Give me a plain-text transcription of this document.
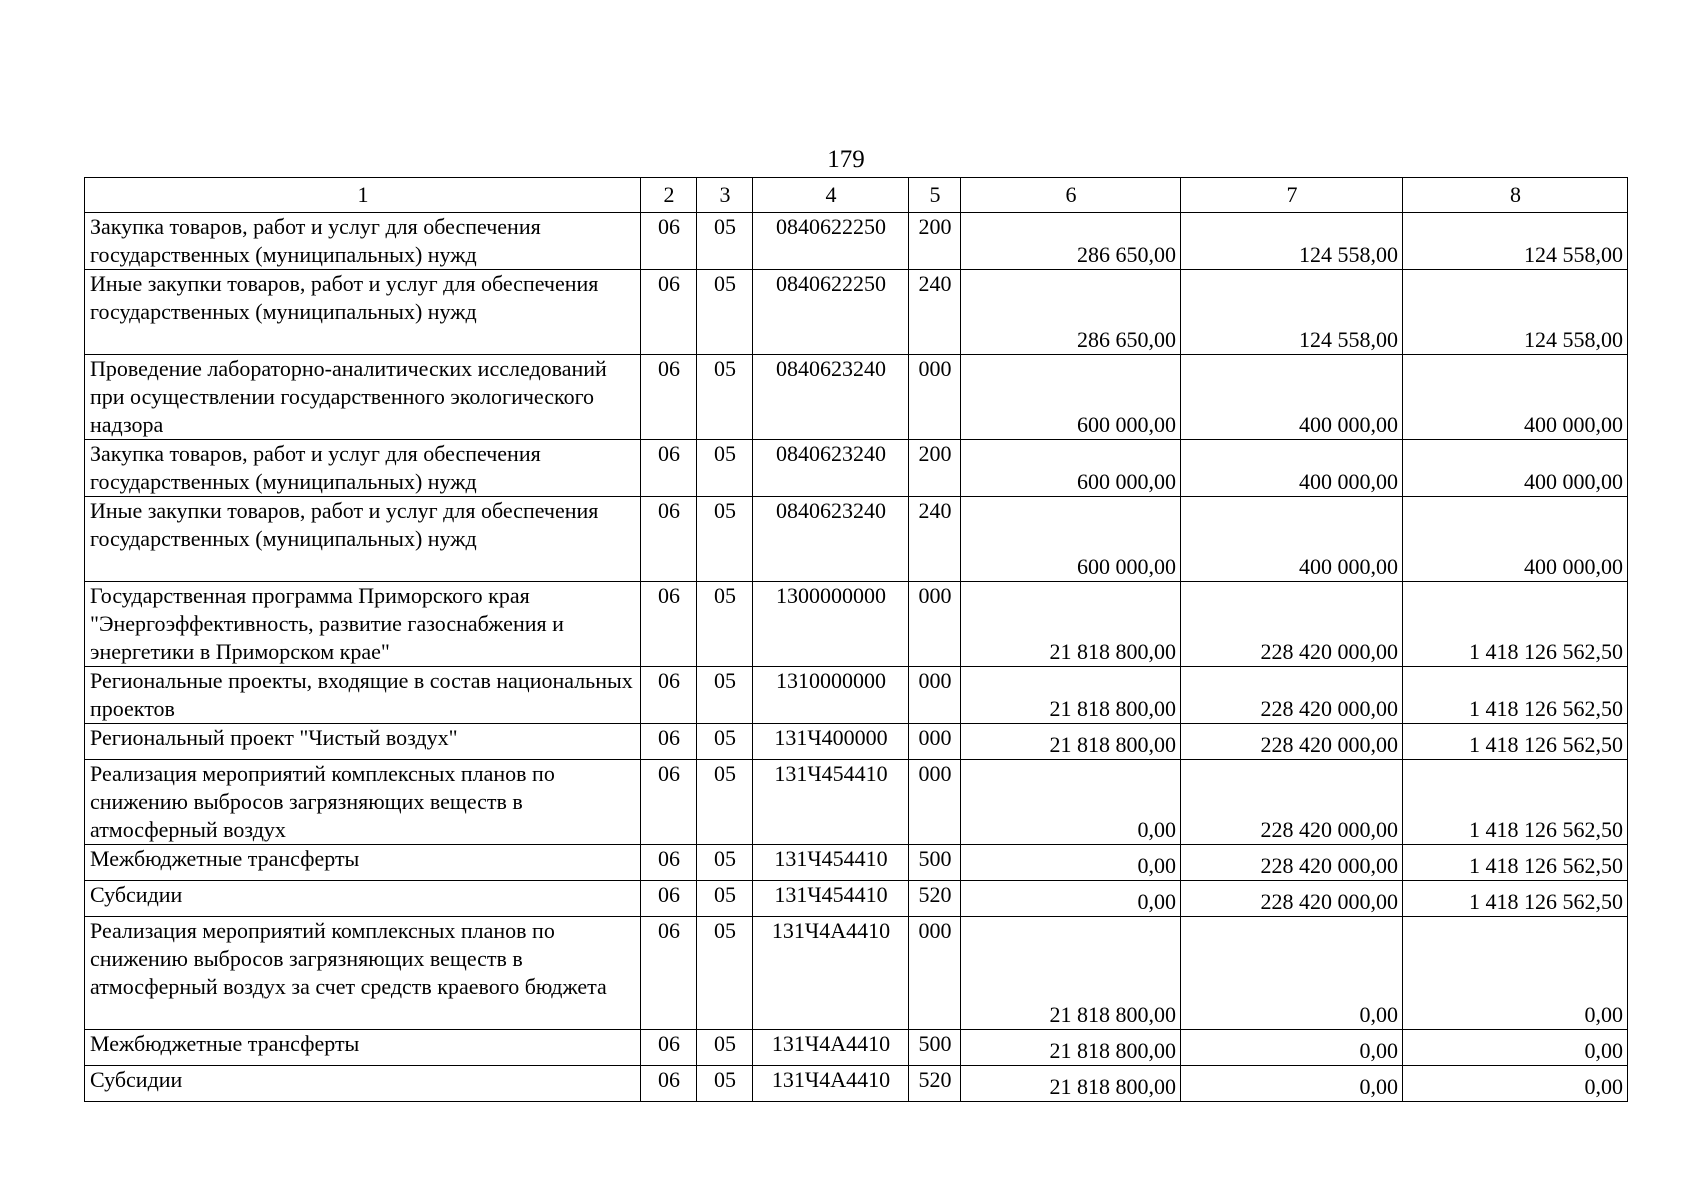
179
1	2	3	4	5	6	7	8
Закупка товаров, работ и услуг для обеспечения государственных (муниципальных) нужд	06	05	0840622250	200	286 650,00	124 558,00	124 558,00
Иные закупки товаров, работ и услуг для обеспечения государственных (муниципальных) нужд	06	05	0840622250	240	286 650,00	124 558,00	124 558,00
Проведение лабораторно-аналитических исследований при осуществлении государственного экологического надзора	06	05	0840623240	000	600 000,00	400 000,00	400 000,00
Закупка товаров, работ и услуг для обеспечения государственных (муниципальных) нужд	06	05	0840623240	200	600 000,00	400 000,00	400 000,00
Иные закупки товаров, работ и услуг для обеспечения государственных (муниципальных) нужд	06	05	0840623240	240	600 000,00	400 000,00	400 000,00
Государственная программа Приморского края "Энергоэффективность, развитие газоснабжения и энергетики в Приморском крае"	06	05	1300000000	000	21 818 800,00	228 420 000,00	1 418 126 562,50
Региональные проекты, входящие в состав национальных проектов	06	05	1310000000	000	21 818 800,00	228 420 000,00	1 418 126 562,50
Региональный проект "Чистый воздух"	06	05	131Ч400000	000	21 818 800,00	228 420 000,00	1 418 126 562,50
Реализация мероприятий комплексных планов по снижению выбросов загрязняющих веществ в атмосферный воздух	06	05	131Ч454410	000	0,00	228 420 000,00	1 418 126 562,50
Межбюджетные трансферты	06	05	131Ч454410	500	0,00	228 420 000,00	1 418 126 562,50
Субсидии	06	05	131Ч454410	520	0,00	228 420 000,00	1 418 126 562,50
Реализация мероприятий комплексных планов по снижению выбросов загрязняющих веществ в атмосферный воздух за счет средств краевого бюджета	06	05	131Ч4А4410	000	21 818 800,00	0,00	0,00
Межбюджетные трансферты	06	05	131Ч4А4410	500	21 818 800,00	0,00	0,00
Субсидии	06	05	131Ч4А4410	520	21 818 800,00	0,00	0,00
